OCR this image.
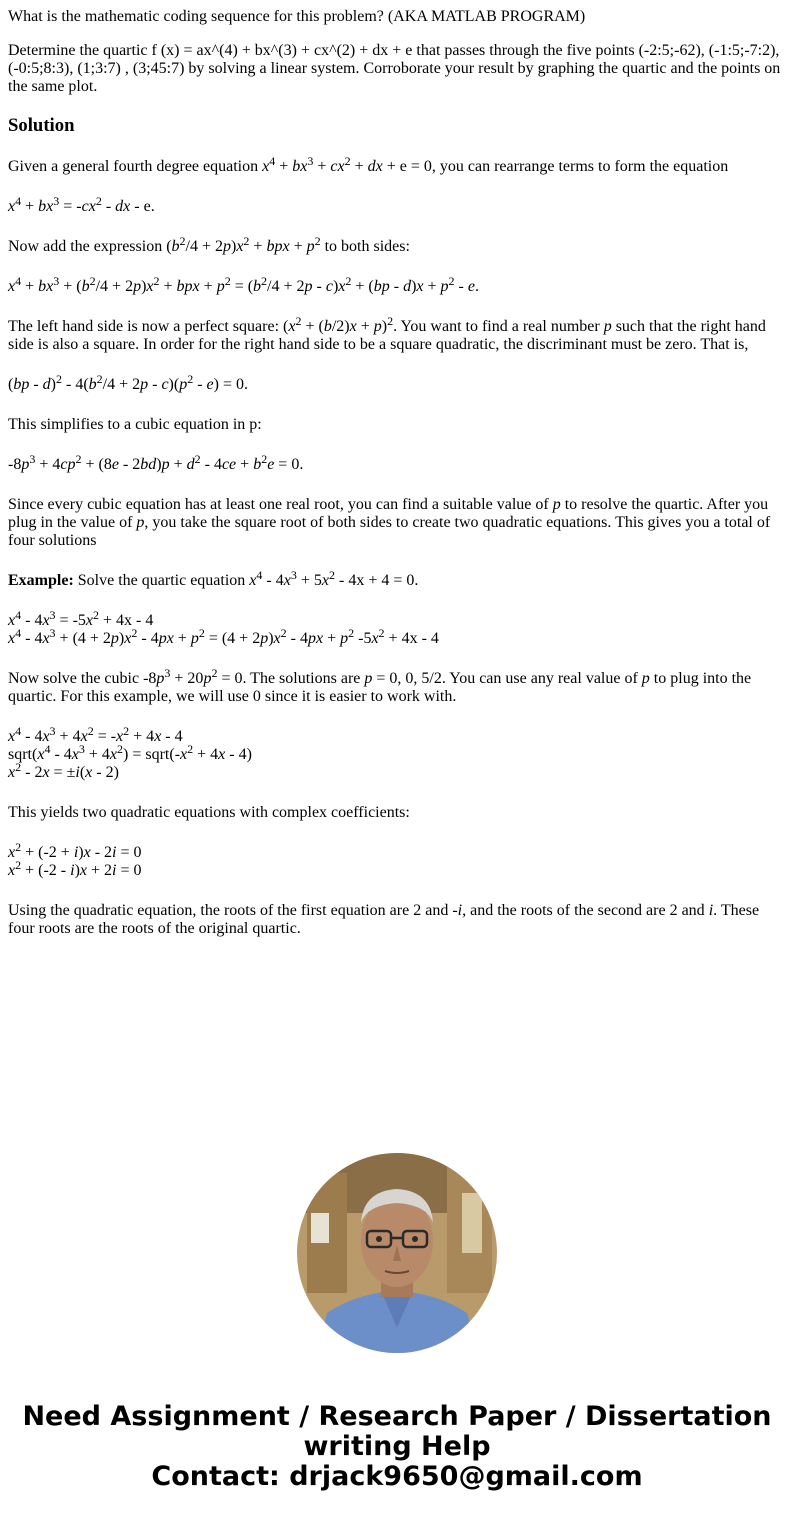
What is the mathematic coding sequence for this problem? (AKA MATLAB PROGRAM)

Determine the quartic f (x) = ax^(4) + bx^(3) + cx^(2) + dx + e that passes through the five points (-2:5;-62), (-1:5;-7:2), (-0:5;8:3), (1;3:7) , (3;45:7) by solving a linear system. Corroborate your result by graphing the quartic and the points on the same plot.

Solution

Given a general fourth degree equation $x^4 + bx^3 + cx^2$ + dx + e = 0, you can rearrange terms to form the equation

$x^4 + bx^3 = -cx^2$ - dx - e.

Now add the expression $(b^2/4 + 2p)x^2$ + bpx + $p^2$ to both sides:

$x^4 + bx^3 + (b^2/4 + 2p)x^2$ + bpx + $p^2 = (b^2/4 + 2p - c)x^2 + (bp - d)x + p^2 - e$.

The left hand side is now a perfect square: $(x^2 + (b/2)x + p)^2$. You want to find a real number p such that the right hand side is also a square. In order for the right hand side to be a square quadratic, the discriminant must be zero. That is,

$(bp - d)^2 - 4(b^2/4 + 2p - c)(p^2 - e) = 0$.

This simplifies to a cubic equation in p:

$-8p^3 + 4cp^2 + (8e - 2bd)p + d^2 - 4ce + b^2e = 0$.

Since every cubic equation has at least one real root, you can find a suitable value of p to resolve the quartic. After you plug in the value of p, you take the square root of both sides to create two quadratic equations. This gives you a total of four solutions

Example: Solve the quartic equation $x^4 - 4x^3 + 5x^2 - 4x + 4 = 0$.

$x^4 - 4x^3 = -5x^2 + 4x - 4$
$x^4 - 4x^3 + (4 + 2p)x^2 - 4px + p^2 = (4 + 2p)x^2 - 4px + p^2$ $-5x^2 + 4x - 4$

Now solve the cubic $-8p^3 + 20p^2 = 0$. The solutions are p = 0, 0, 5/2. You can use any real value of p to plug into the quartic. For this example, we will use 0 since it is easier to work with.

$x^4 - 4x^3 + 4x^2 = -x^2 + 4x - 4$
$sqrt(x^4 - 4x^3 + 4x^2)$ = $sqrt(-x^2 + 4x - 4)$
$x^2 - 2x = \pm i(x - 2)$

This yields two quadratic equations with complex coefficients:

$x^2 + (-2 + i)x - 2i = 0$
$x^2 + (-2 - i)x + 2i = 0$

Using the quadratic equation, the roots of the first equation are 2 and -i, and the roots of the second are 2 and i. These four roots are the roots of the original quartic.

Need Assignment / Research Paper / Dissertation
writing Help
Contact: drjack9650@gmail.com
